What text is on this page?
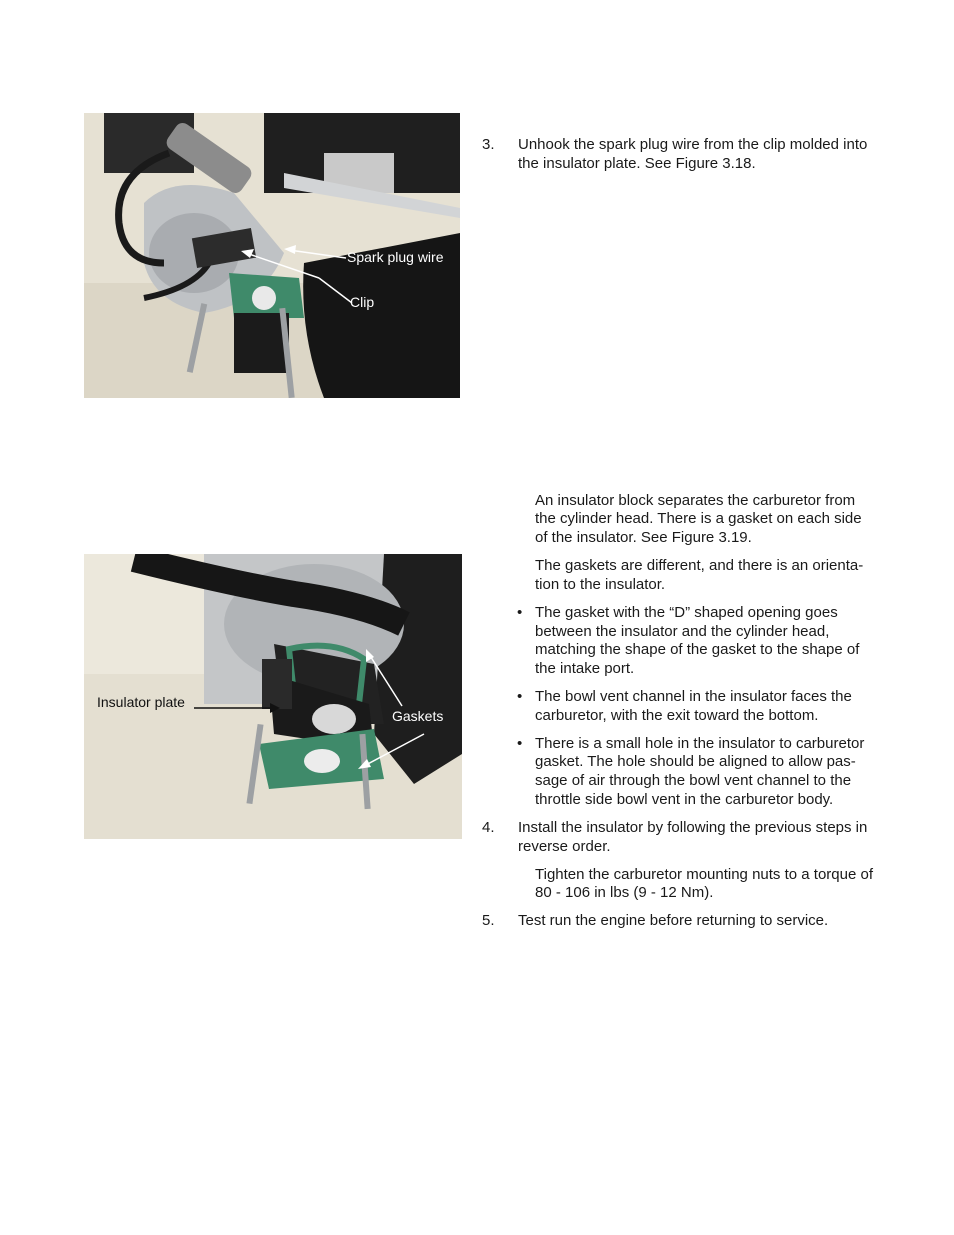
Spark plug wire
Clip
Insulator plate
Gaskets
3. Unhook the spark plug wire from the clip molded into
the insulator plate. See Figure 3.18.
An insulator block separates the carburetor from
the cylinder head. There is a gasket on each side
of the insulator. See Figure 3.19.
The gaskets are different, and there is an orienta-
tion to the insulator.
• The gasket with the “D” shaped opening goes
between the insulator and the cylinder head,
matching the shape of the gasket to the shape of
the intake port.
• The bowl vent channel in the insulator faces the
carburetor, with the exit toward the bottom.
• There is a small hole in the insulator to carburetor
gasket. The hole should be aligned to allow pas-
sage of air through the bowl vent channel to the
throttle side bowl vent in the carburetor body.
4. Install the insulator by following the previous steps in
reverse order.
Tighten the carburetor mounting nuts to a torque of
80 - 106 in lbs (9 - 12 Nm).
5. Test run the engine before returning to service.
